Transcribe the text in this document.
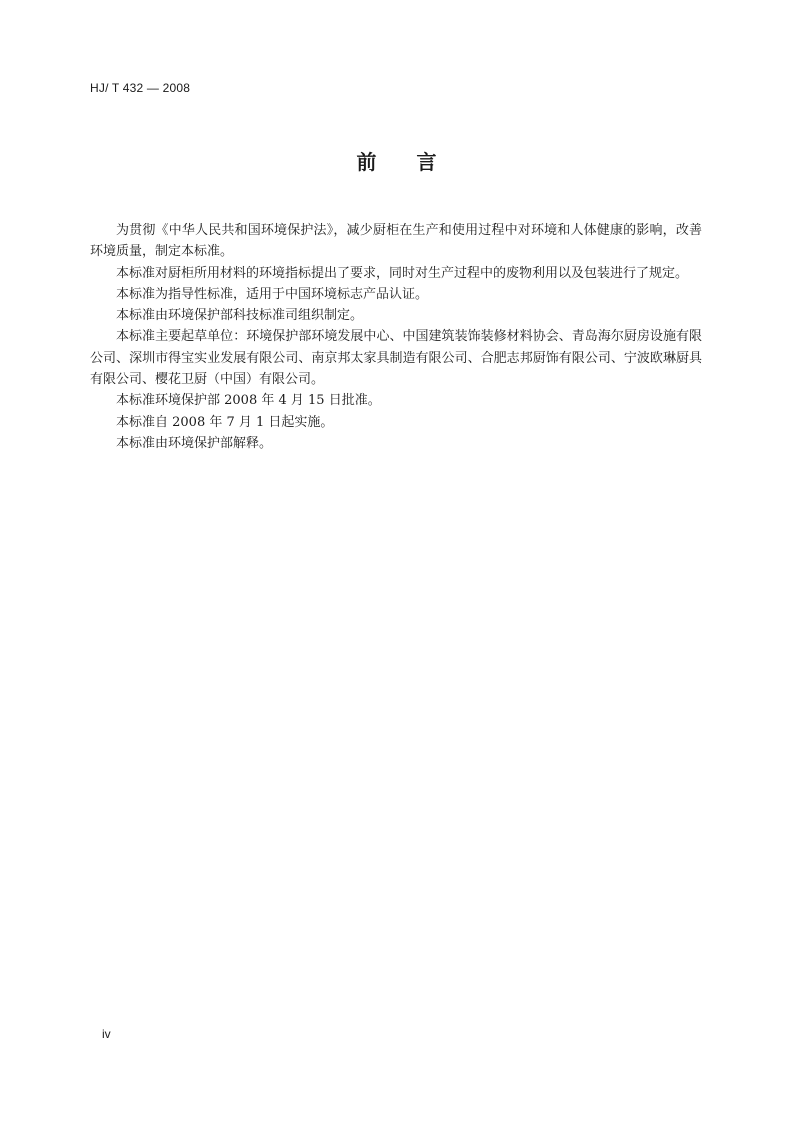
HJ/ T 432 — 2008
前　　言

为贯彻《中华人民共和国环境保护法》，减少厨柜在生产和使用过程中对环境和人体健康的影响，改善环境质量，制定本标准。

本标准对厨柜所用材料的环境指标提出了要求，同时对生产过程中的废物利用以及包装进行了规定。

本标准为指导性标准，适用于中国环境标志产品认证。

本标准由环境保护部科技标准司组织制定。

本标准主要起草单位：环境保护部环境发展中心、中国建筑装饰装修材料协会、青岛海尔厨房设施有限公司、深圳市得宝实业发展有限公司、南京邦太家具制造有限公司、合肥志邦厨饰有限公司、宁波欧琳厨具有限公司、樱花卫厨（中国）有限公司。

本标准环境保护部 2008 年 4 月 15 日批准。

本标准自 2008 年 7 月 1 日起实施。

本标准由环境保护部解释。

iv
